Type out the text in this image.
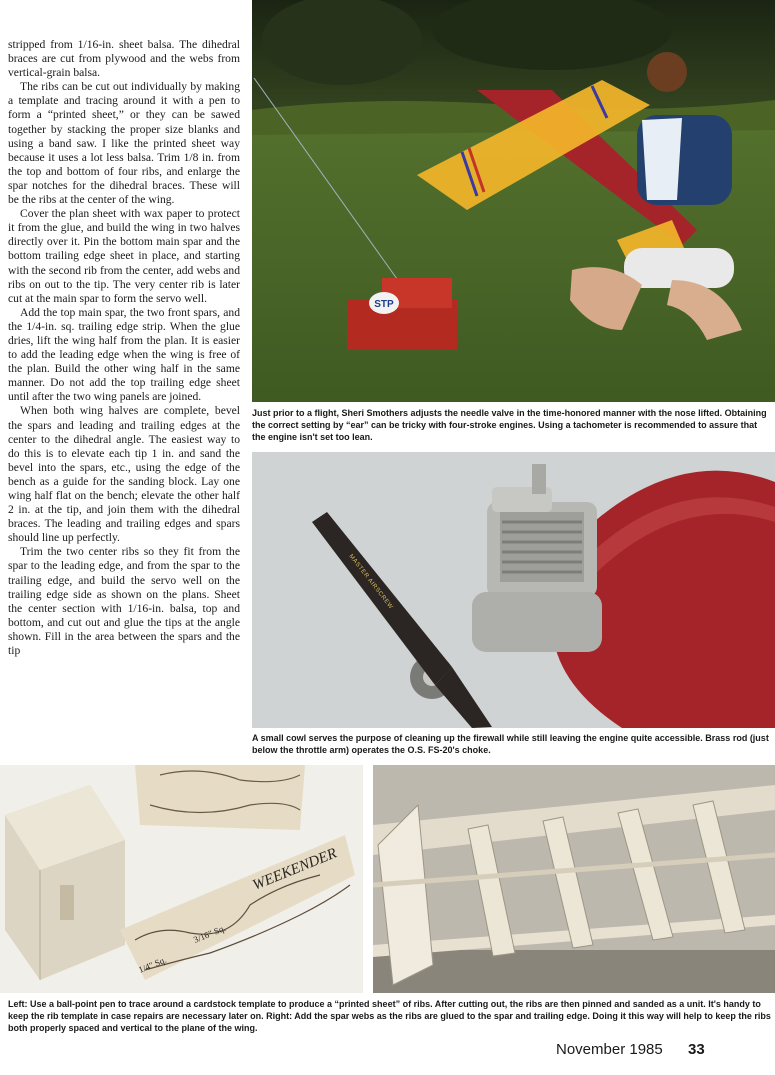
stripped from 1/16-in. sheet balsa. The dihedral braces are cut from plywood and the webs from vertical-grain balsa.

The ribs can be cut out individually by making a template and tracing around it with a pen to form a “printed sheet,” or they can be sawed together by stacking the proper size blanks and using a band saw. I like the printed sheet way because it uses a lot less balsa. Trim 1/8 in. from the top and bottom of four ribs, and enlarge the spar notches for the dihedral braces. These will be the ribs at the center of the wing.

Cover the plan sheet with wax paper to protect it from the glue, and build the wing in two halves directly over it. Pin the bottom main spar and the bottom trailing edge sheet in place, and starting with the second rib from the center, add webs and ribs on out to the tip. The very center rib is later cut at the main spar to form the servo well.

Add the top main spar, the two front spars, and the 1/4-in. sq. trailing edge strip. When the glue dries, lift the wing half from the plan. It is easier to add the leading edge when the wing is free of the plan. Build the other wing half in the same manner. Do not add the top trailing edge sheet until after the two wing panels are joined.

When both wing halves are complete, bevel the spars and leading and trailing edges at the center to the dihedral angle. The easiest way to do this is to elevate each tip 1 in. and sand the bevel into the spars, etc., using the edge of the bench as a guide for the sanding block. Lay one wing half flat on the bench; elevate the other half 2 in. at the tip, and join them with the dihedral braces. The leading and trailing edges and spars should line up perfectly.

Trim the two center ribs so they fit from the spar to the leading edge, and from the spar to the trailing edge, and build the servo well on the trailing edge side as shown on the plans. Sheet the center section with 1/16-in. balsa, top and bottom, and cut out and glue the tips at the angle shown. Fill in the area between the spars and the tip

STP
Just prior to a flight, Sheri Smothers adjusts the needle valve in the time-honored manner with the nose lifted. Obtaining the correct setting by “ear” can be tricky with four-stroke engines. Using a tachometer is recommended to assure that the engine isn't set too lean.
MASTER AIRSCREW
A small cowl serves the purpose of cleaning up the firewall while still leaving the engine quite accessible. Brass rod (just below the throttle arm) operates the O.S. FS-20's choke.
WEEKENDER
3/16" Sq.
1/4" Sq.
Left: Use a ball-point pen to trace around a cardstock template to produce a “printed sheet” of ribs. After cutting out, the ribs are then pinned and sanded as a unit. It's handy to keep the rib template in case repairs are necessary later on. Right: Add the spar webs as the ribs are glued to the spar and trailing edge. Doing it this way will help to keep the ribs both properly spaced and vertical to the plane of the wing.
November 1985 33
